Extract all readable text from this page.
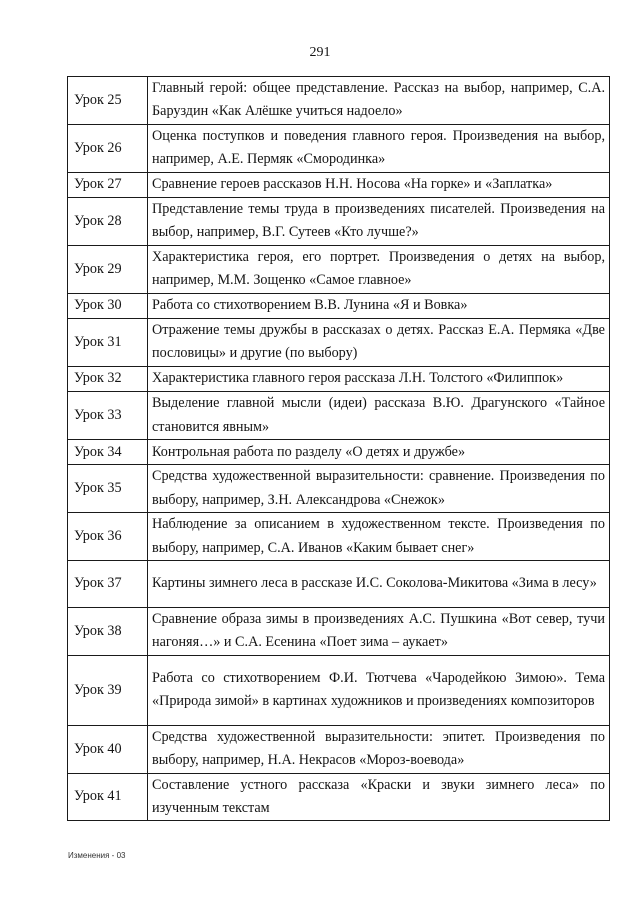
291
Урок 25	Главный герой: общее представление. Рассказ на выбор, например, С.А. Баруздин «Как Алёшке учиться надоело»
Урок 26	Оценка поступков и поведения главного героя. Произведения на выбор, например, А.Е. Пермяк «Смородинка»
Урок 27	Сравнение героев рассказов Н.Н. Носова «На горке» и «Заплатка»
Урок 28	Представление темы труда в произведениях писателей. Произведения на выбор, например, В.Г. Сутеев «Кто лучше?»
Урок 29	Характеристика героя, его портрет. Произведения о детях на выбор, например, М.М. Зощенко «Самое главное»
Урок 30	Работа со стихотворением В.В. Лунина «Я и Вовка»
Урок 31	Отражение темы дружбы в рассказах о детях. Рассказ Е.А. Пермяка «Две пословицы» и другие (по выбору)
Урок 32	Характеристика главного героя рассказа Л.Н. Толстого «Филиппок»
Урок 33	Выделение главной мысли (идеи) рассказа В.Ю. Драгунского «Тайное становится явным»
Урок 34	Контрольная работа по разделу «О детях и дружбе»
Урок 35	Средства художественной выразительности: сравнение. Произведения по выбору, например, З.Н. Александрова «Снежок»
Урок 36	Наблюдение за описанием в художественном тексте. Произведения по выбору, например, С.А. Иванов «Каким бывает снег»
Урок 37	Картины зимнего леса в рассказе И.С. Соколова-Микитова «Зима в лесу»
Урок 38	Сравнение образа зимы в произведениях А.С. Пушкина «Вот север, тучи нагоняя…» и С.А. Есенина «Поет зима – аукает»
Урок 39	Работа со стихотворением Ф.И. Тютчева «Чародейкою Зимою». Тема «Природа зимой» в картинах художников и произведениях композиторов
Урок 40	Средства художественной выразительности: эпитет. Произведения по выбору, например, Н.А. Некрасов «Мороз-воевода»
Урок 41	Составление устного рассказа «Краски и звуки зимнего леса» по изученным текстам
Изменения - 03
